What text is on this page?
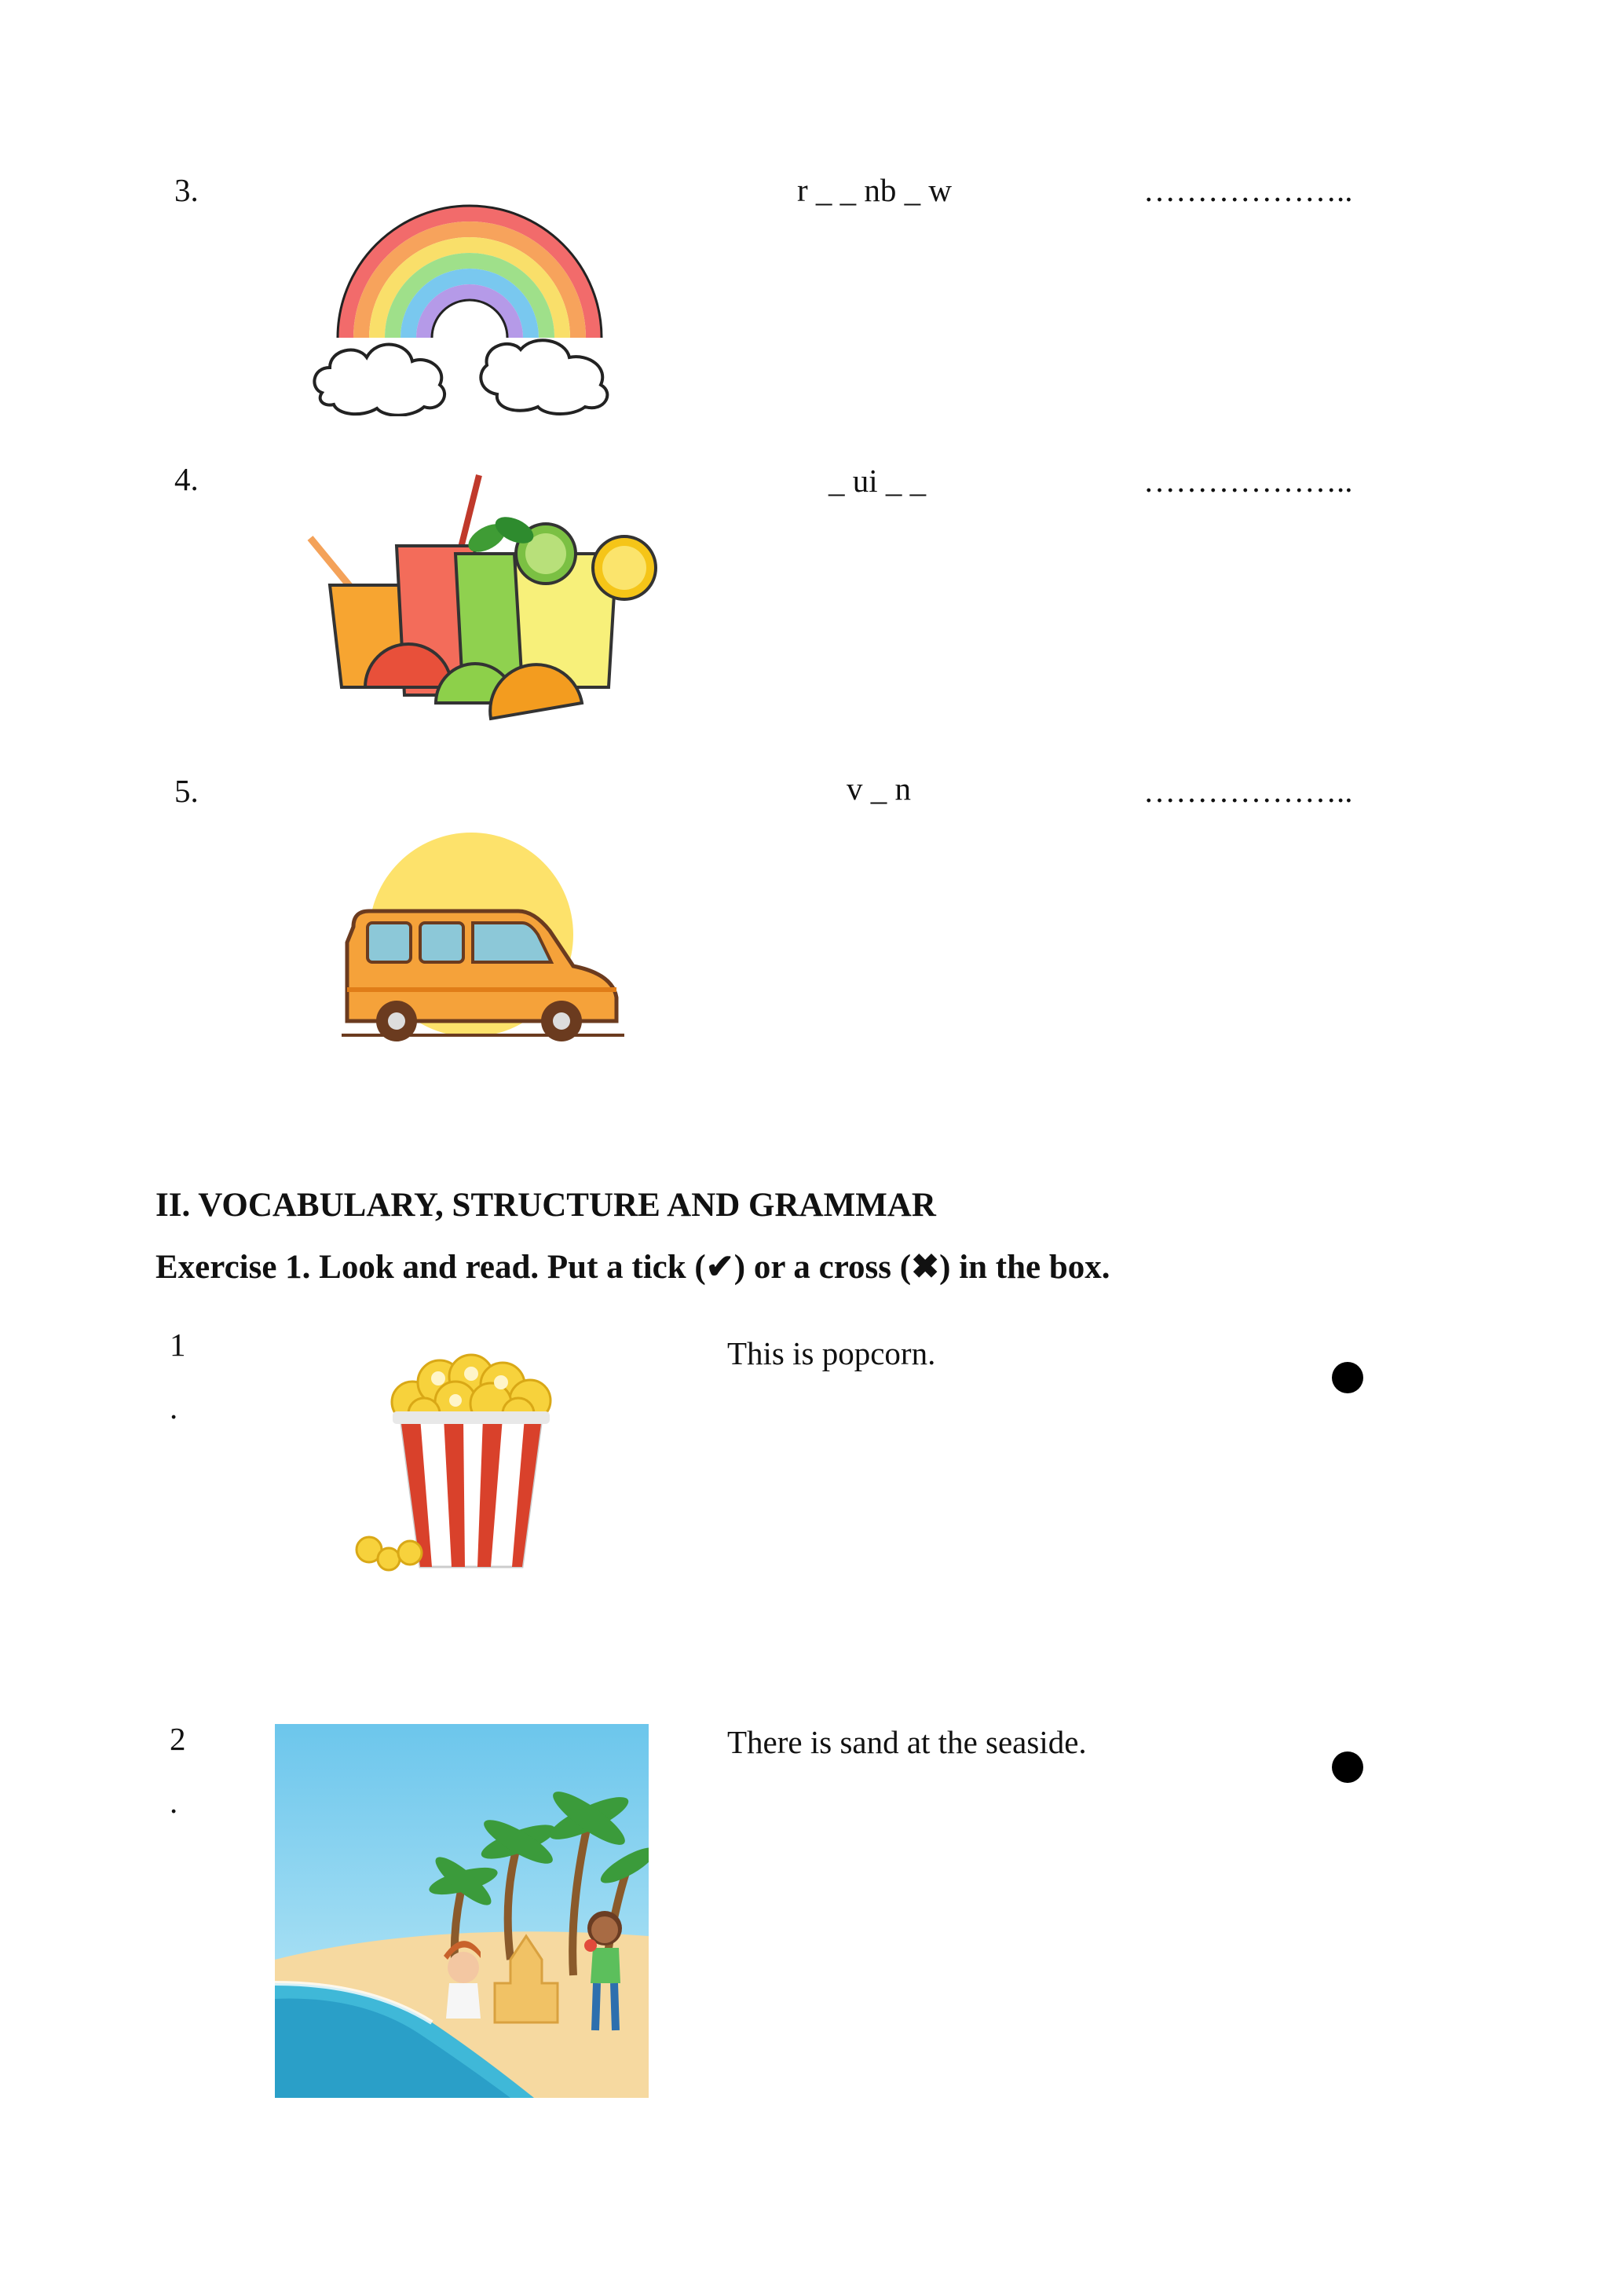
3.	r _ _ nb _ w	………………..
4.	_ ui _ _	………………..
5.	v _ n	………………..
II. VOCABULARY, STRUCTURE AND GRAMMAR
Exercise 1. Look and read. Put a tick (✔) or a cross (✖) in the box.
1
.
This is popcorn.
2
.
There is sand at the seaside.
